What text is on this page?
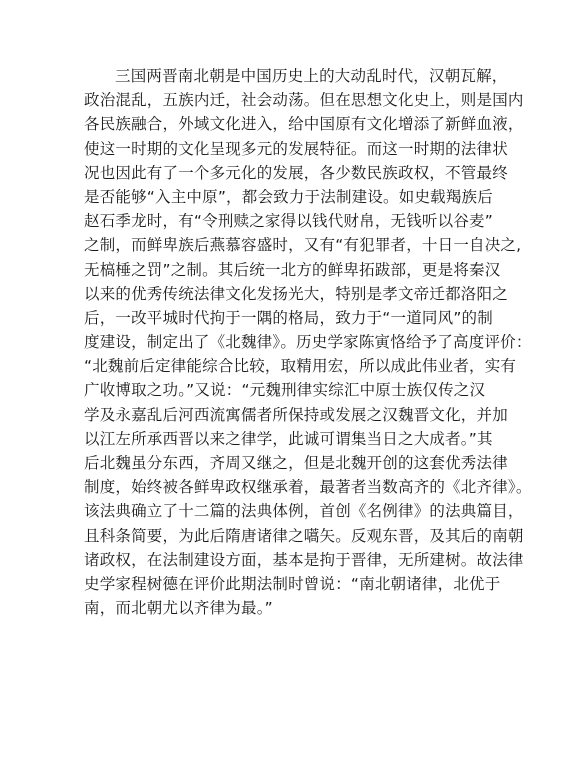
三国两晋南北朝是中国历史上的大动乱时代，汉朝瓦解，
政治混乱，五族内迁，社会动荡。但在思想文化史上，则是国内
各民族融合，外域文化进入，给中国原有文化增添了新鲜血液，
使这一时期的文化呈现多元的发展特征。而这一时期的法律状
况也因此有了一个多元化的发展，各少数民族政权，不管最终
是否能够“入主中原”，都会致力于法制建设。如史载羯族后
赵石季龙时，有“令刑赎之家得以钱代财帛，无钱听以谷麦”
之制，而鲜卑族后燕慕容盛时，又有“有犯罪者，十日一自决之,
无槁棰之罚”之制。其后统一北方的鲜卑拓跋部，更是将秦汉
以来的优秀传统法律文化发扬光大，特别是孝文帝迁都洛阳之
后，一改平城时代拘于一隅的格局，致力于“一道同风”的制
度建设，制定出了《北魏律》。历史学家陈寅恪给予了高度评价：
“北魏前后定律能综合比较，取精用宏，所以成此伟业者，实有
广收博取之功。”又说：“元魏刑律实综汇中原士族仅传之汉
学及永嘉乱后河西流寓儒者所保持或发展之汉魏晋文化，并加
以江左所承西晋以来之律学，此诚可谓集当日之大成者。”其
后北魏虽分东西，齐周又继之，但是北魏开创的这套优秀法律
制度，始终被各鲜卑政权继承着，最著者当数高齐的《北齐律》。
该法典确立了十二篇的法典体例，首创《名例律》的法典篇目，
且科条简要，为此后隋唐诸律之嚆矢。反观东晋，及其后的南朝
诸政权，在法制建设方面，基本是拘于晋律，无所建树。故法律
史学家程树德在评价此期法制时曾说：“南北朝诸律，北优于
南，而北朝尤以齐律为最。”
